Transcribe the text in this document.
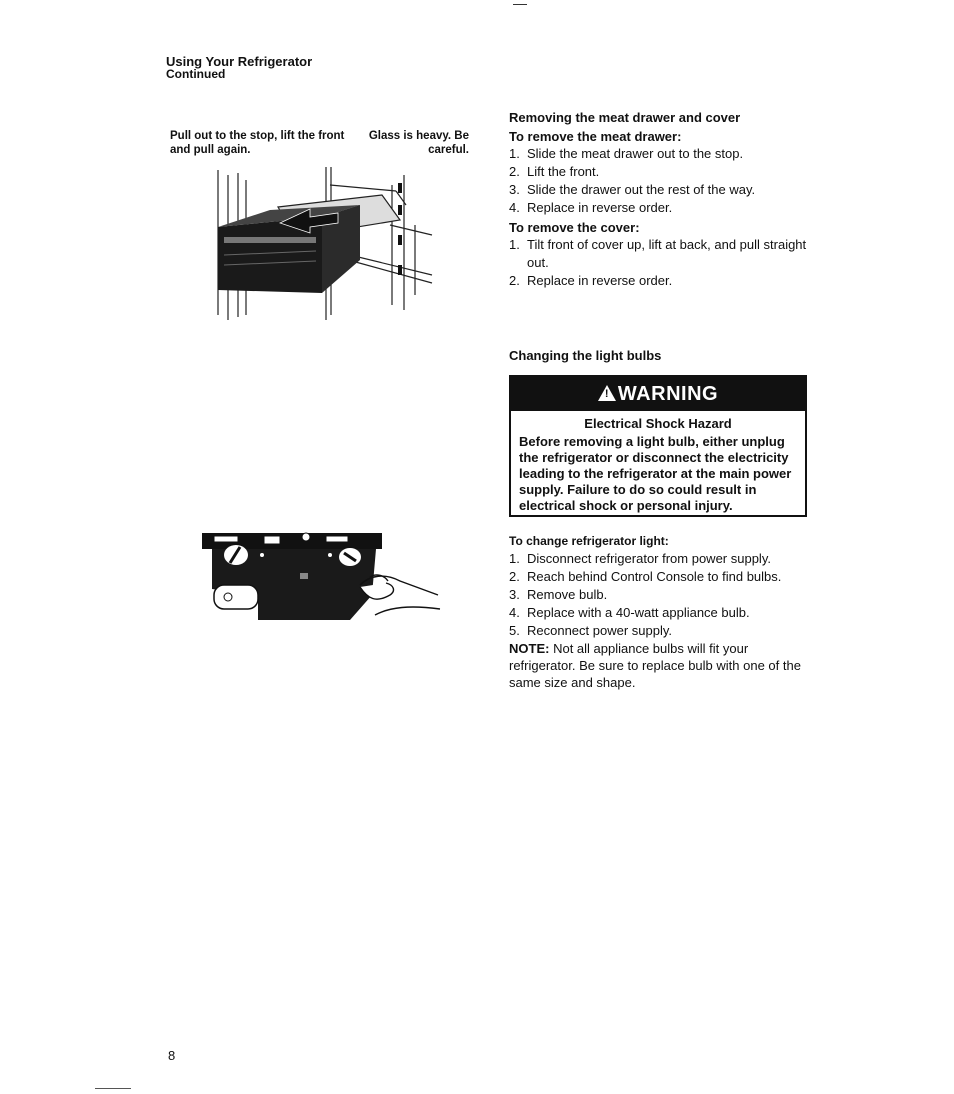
Using Your Refrigerator
Continued
Pull out to the stop, lift the front and pull again.
Glass is heavy. Be careful.
Removing the meat drawer and cover
To remove the meat drawer:
1. Slide the meat drawer out to the stop.
2. Lift the front.
3. Slide the drawer out the rest of the way.
4. Replace in reverse order.
To remove the cover:
1. Tilt front of cover up, lift at back, and pull straight out.
2. Replace in reverse order.
Changing the light bulbs
! WARNING
Electrical Shock Hazard
Before removing a light bulb, either unplug the refrigerator or disconnect the electricity leading to the refrigerator at the main power supply. Failure to do so could result in electrical shock or personal injury.
To change refrigerator light:
1. Disconnect refrigerator from power supply.
2. Reach behind Control Console to find bulbs.
3. Remove bulb.
4. Replace with a 40-watt appliance bulb.
5. Reconnect power supply.
NOTE: Not all appliance bulbs will fit your refrigerator. Be sure to replace bulb with one of the same size and shape.
8
